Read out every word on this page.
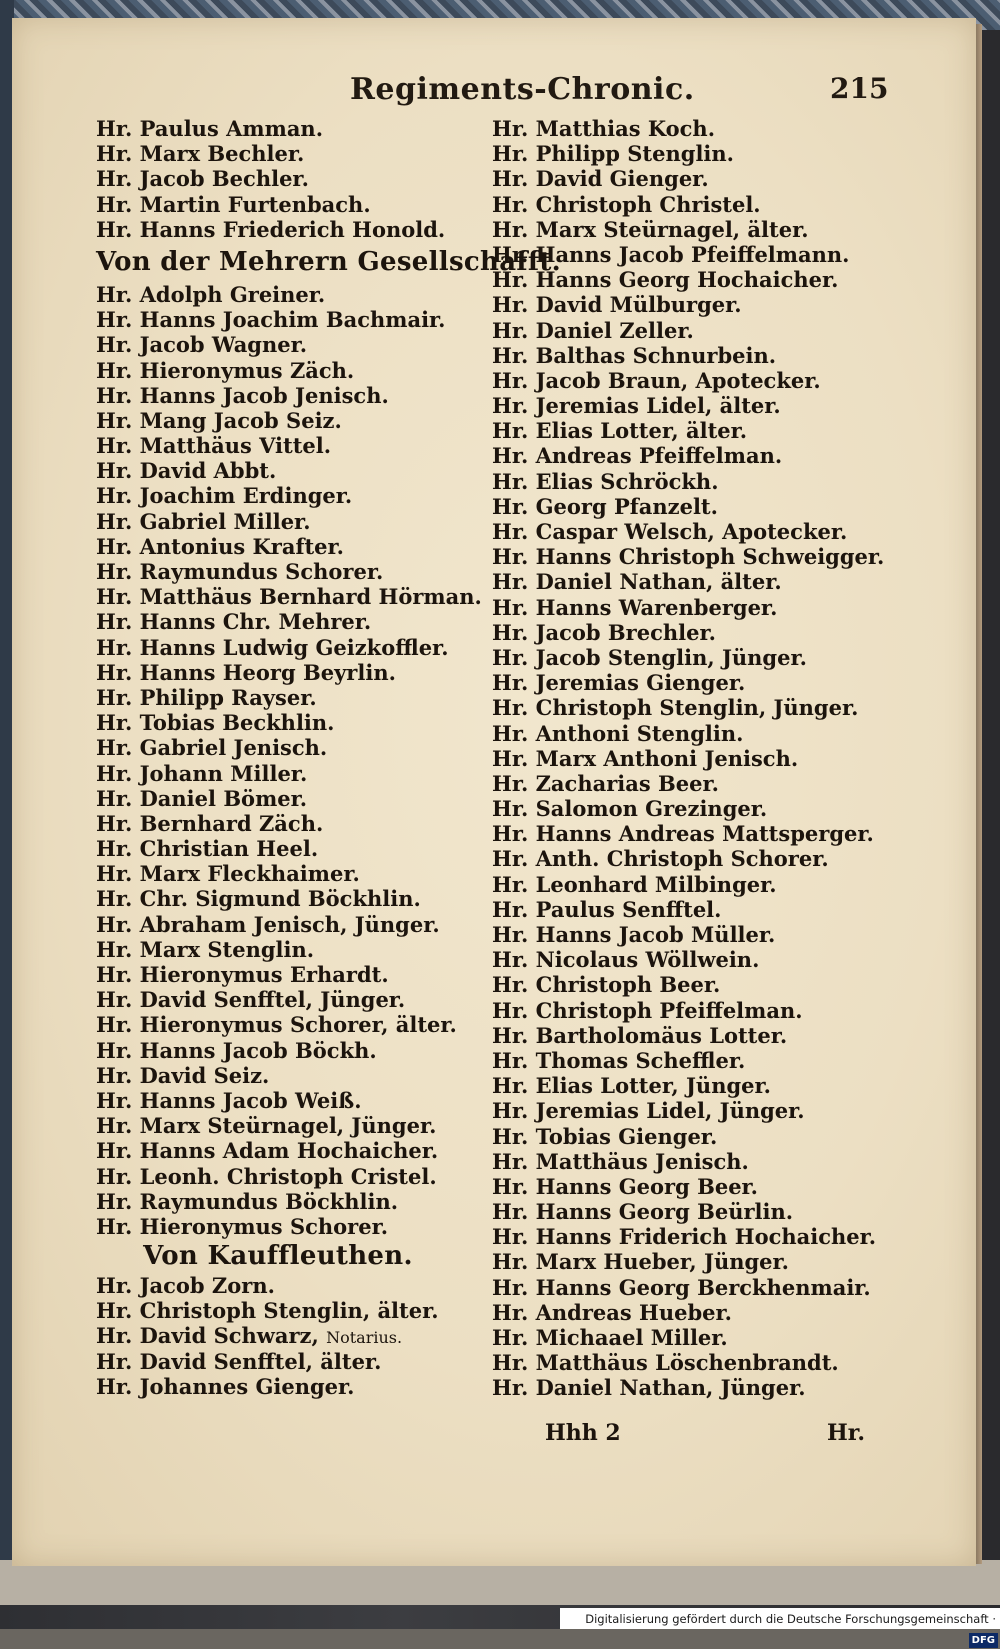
Regiments-Chronic.	215
Hr. Paulus Amman.
Hr. Marx Bechler.
Hr. Jacob Bechler.
Hr. Martin Furtenbach.
Hr. Hanns Friederich Honold.
Von der Mehrern Gesellschafft.
Hr. Adolph Greiner.
Hr. Hanns Joachim Bachmair.
Hr. Jacob Wagner.
Hr. Hieronymus Zäch.
Hr. Hanns Jacob Jenisch.
Hr. Mang Jacob Seiz.
Hr. Matthäus Vittel.
Hr. David Abbt.
Hr. Joachim Erdinger.
Hr. Gabriel Miller.
Hr. Antonius Krafter.
Hr. Raymundus Schorer.
Hr. Matthäus Bernhard Hörman.
Hr. Hanns Chr. Mehrer.
Hr. Hanns Ludwig Geizkoffler.
Hr. Hanns Heorg Beyrlin.
Hr. Philipp Rayser.
Hr. Tobias Beckhlin.
Hr. Gabriel Jenisch.
Hr. Johann Miller.
Hr. Daniel Bömer.
Hr. Bernhard Zäch.
Hr. Christian Heel.
Hr. Marx Fleckhaimer.
Hr. Chr. Sigmund Böckhlin.
Hr. Abraham Jenisch, Jünger.
Hr. Marx Stenglin.
Hr. Hieronymus Erhardt.
Hr. David Senfftel, Jünger.
Hr. Hieronymus Schorer, älter.
Hr. Hanns Jacob Böckh.
Hr. David Seiz.
Hr. Hanns Jacob Weiß.
Hr. Marx Steürnagel, Jünger.
Hr. Hanns Adam Hochaicher.
Hr. Leonh. Christoph Cristel.
Hr. Raymundus Böckhlin.
Hr. Hieronymus Schorer.
Von Kauffleuthen.
Hr. Jacob Zorn.
Hr. Christoph Stenglin, älter.
Hr. David Schwarz, Notarius.
Hr. David Senfftel, älter.
Hr. Johannes Gienger.
Hr. Matthias Koch.
Hr. Philipp Stenglin.
Hr. David Gienger.
Hr. Christoph Christel.
Hr. Marx Steürnagel, älter.
Hr. Hanns Jacob Pfeiffelmann.
Hr. Hanns Georg Hochaicher.
Hr. David Mülburger.
Hr. Daniel Zeller.
Hr. Balthas Schnurbein.
Hr. Jacob Braun, Apotecker.
Hr. Jeremias Lidel, älter.
Hr. Elias Lotter, älter.
Hr. Andreas Pfeiffelman.
Hr. Elias Schröckh.
Hr. Georg Pfanzelt.
Hr. Caspar Welsch, Apotecker.
Hr. Hanns Christoph Schweigger.
Hr. Daniel Nathan, älter.
Hr. Hanns Warenberger.
Hr. Jacob Brechler.
Hr. Jacob Stenglin, Jünger.
Hr. Jeremias Gienger.
Hr. Christoph Stenglin, Jünger.
Hr. Anthoni Stenglin.
Hr. Marx Anthoni Jenisch.
Hr. Zacharias Beer.
Hr. Salomon Grezinger.
Hr. Hanns Andreas Mattsperger.
Hr. Anth. Christoph Schorer.
Hr. Leonhard Milbinger.
Hr. Paulus Senfftel.
Hr. Hanns Jacob Müller.
Hr. Nicolaus Wöllwein.
Hr. Christoph Beer.
Hr. Christoph Pfeiffelman.
Hr. Bartholomäus Lotter.
Hr. Thomas Scheffler.
Hr. Elias Lotter, Jünger.
Hr. Jeremias Lidel, Jünger.
Hr. Tobias Gienger.
Hr. Matthäus Jenisch.
Hr. Hanns Georg Beer.
Hr. Hanns Georg Beürlin.
Hr. Hanns Friderich Hochaicher.
Hr. Marx Hueber, Jünger.
Hr. Hanns Georg Berckhenmair.
Hr. Andreas Hueber.
Hr. Michaael Miller.
Hr. Matthäus Löschenbrandt.
Hr. Daniel Nathan, Jünger.
Hhh 2	Hr.
Digitalisierung gefördert durch die Deutsche Forschungsgemeinschaft ·DFG
